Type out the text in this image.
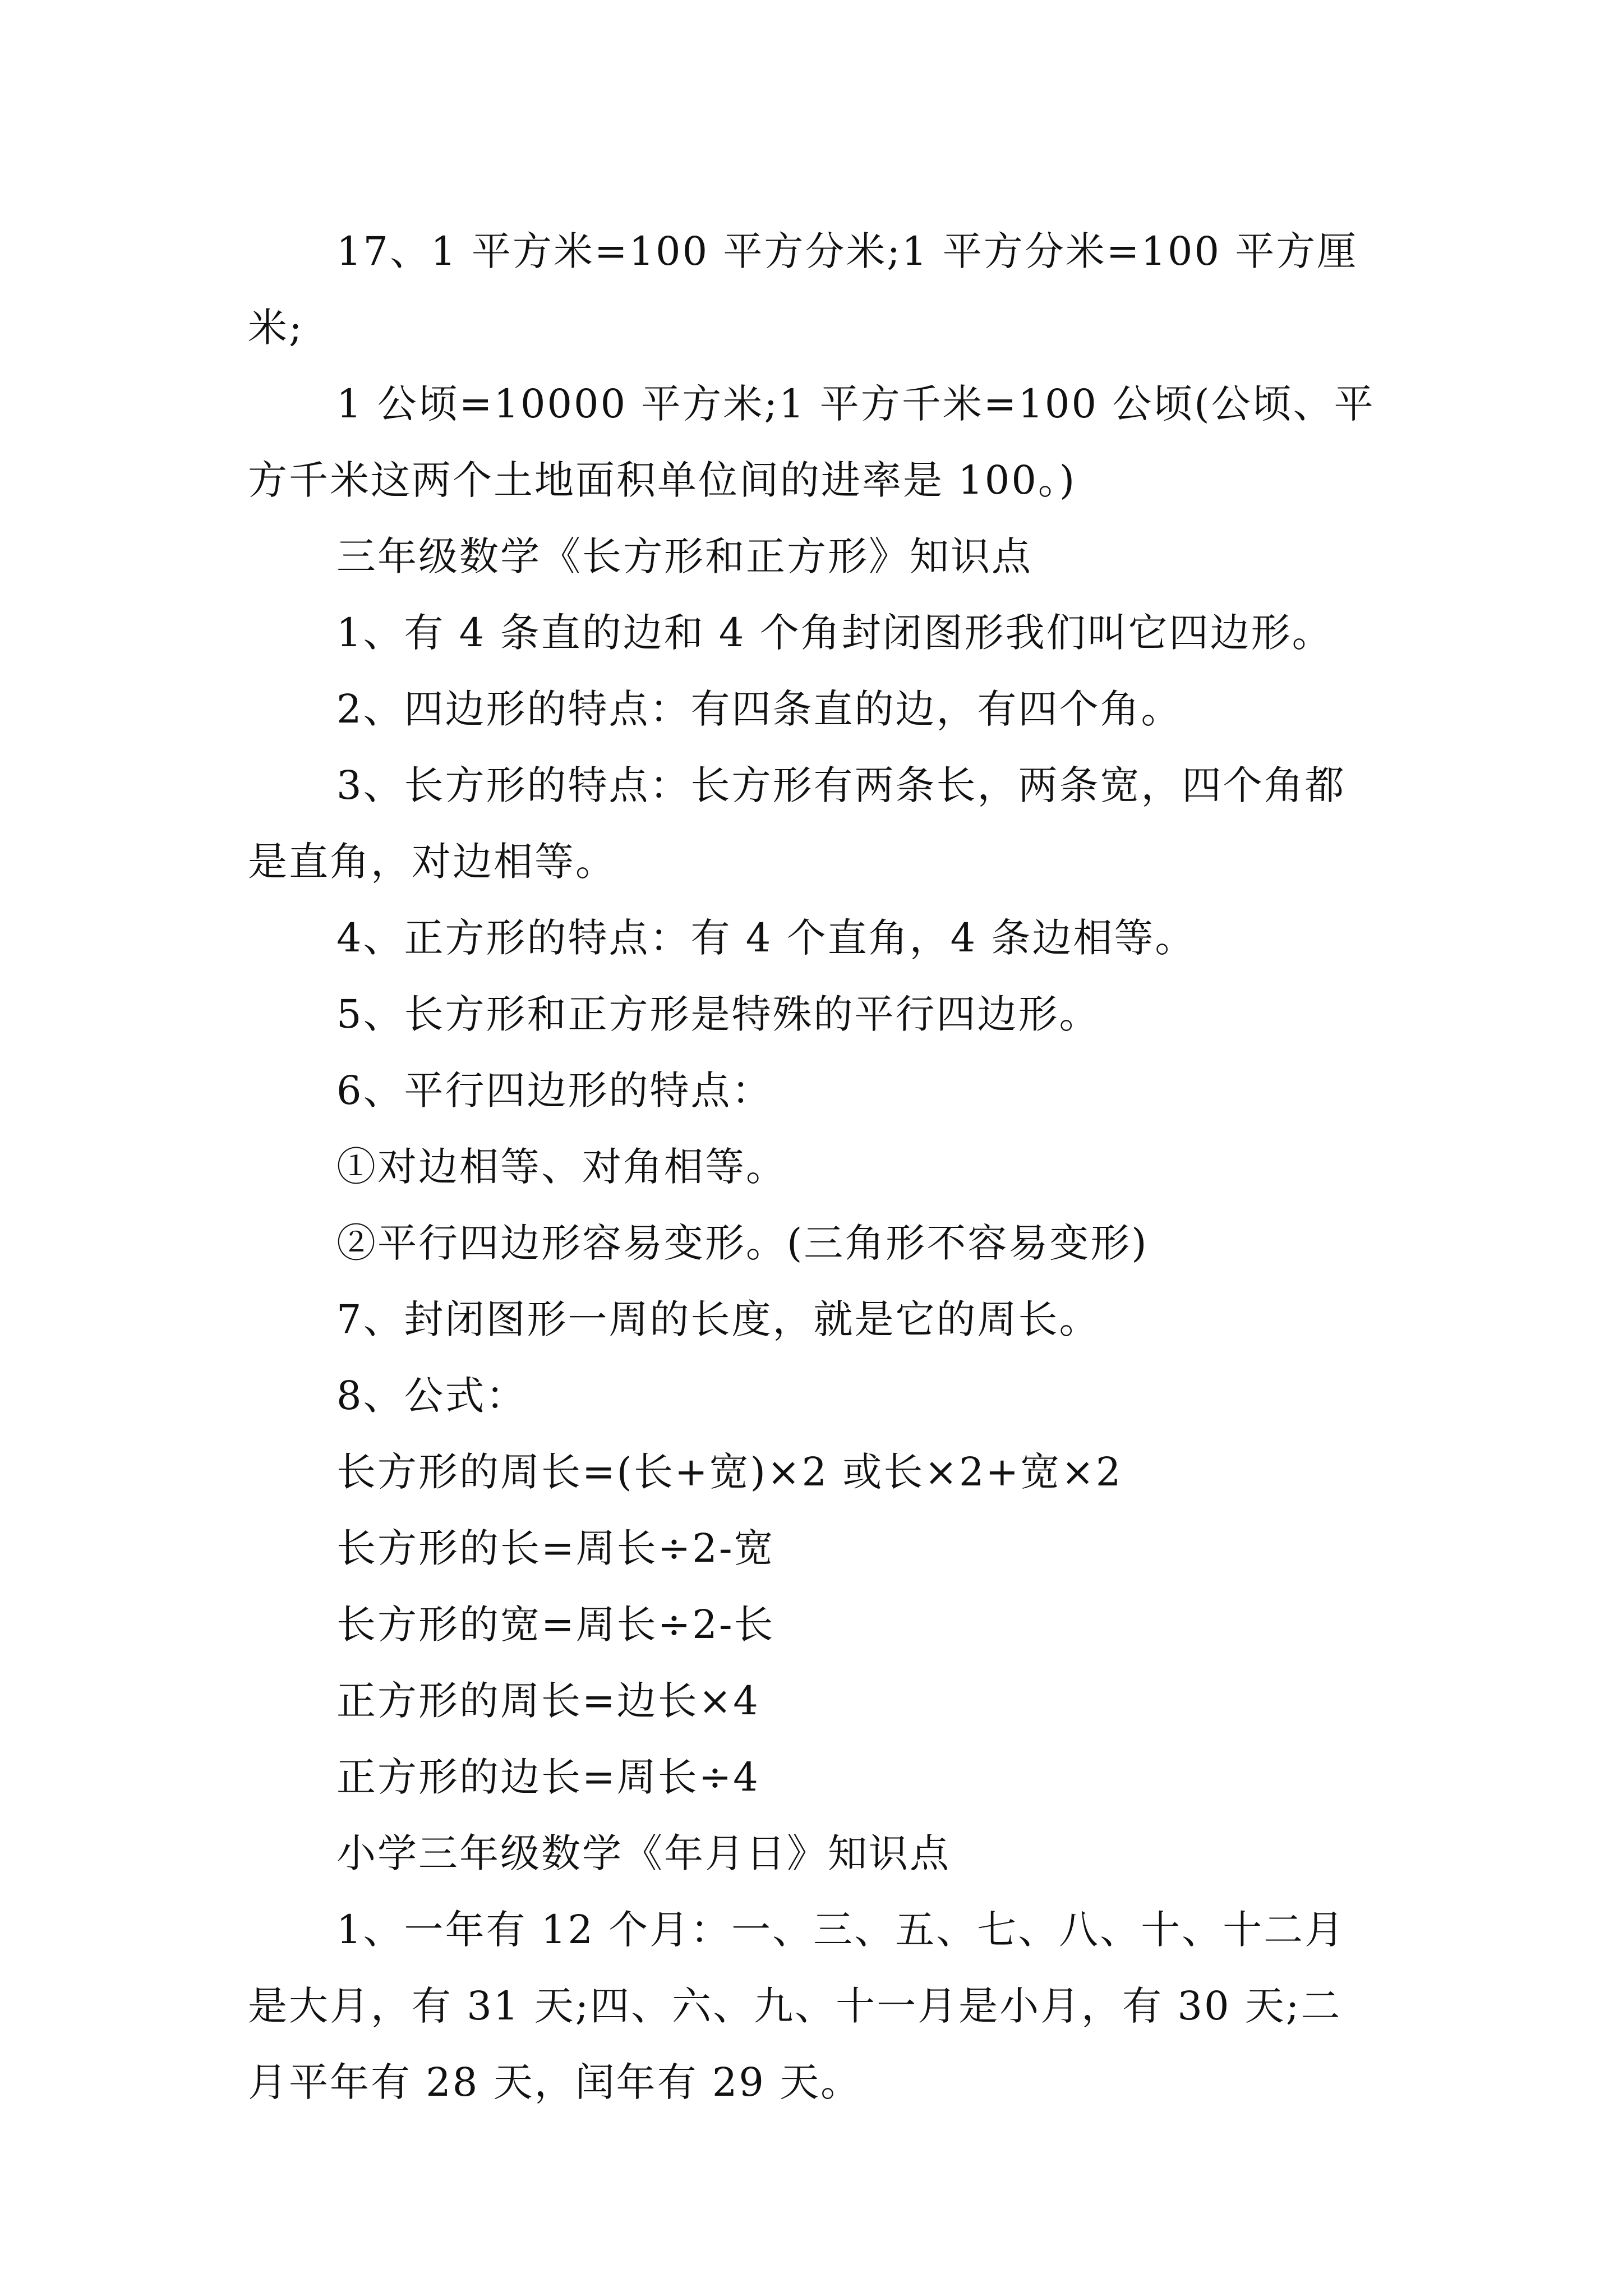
17、1 平方米=100 平方分米;1 平方分米=100 平方厘米;

1 公顷=10000 平方米;1 平方千米=100 公顷(公顷、平方千米这两个土地面积单位间的进率是 100。)

三年级数学《长方形和正方形》知识点

1、有 4 条直的边和 4 个角封闭图形我们叫它四边形。

2、四边形的特点：有四条直的边，有四个角。

3、长方形的特点：长方形有两条长，两条宽，四个角都是直角，对边相等。

4、正方形的特点：有 4 个直角，4 条边相等。

5、长方形和正方形是特殊的平行四边形。

6、平行四边形的特点：

①对边相等、对角相等。

②平行四边形容易变形。(三角形不容易变形)

7、封闭图形一周的长度，就是它的周长。

8、公式：

长方形的周长=(长+宽)×2 或长×2+宽×2

长方形的长=周长÷2-宽

长方形的宽=周长÷2-长

正方形的周长=边长×4

正方形的边长=周长÷4

小学三年级数学《年月日》知识点

1、一年有 12 个月：一、三、五、七、八、十、十二月是大月，有 31 天;四、六、九、十一月是小月，有 30 天;二月平年有 28 天，闰年有 29 天。
